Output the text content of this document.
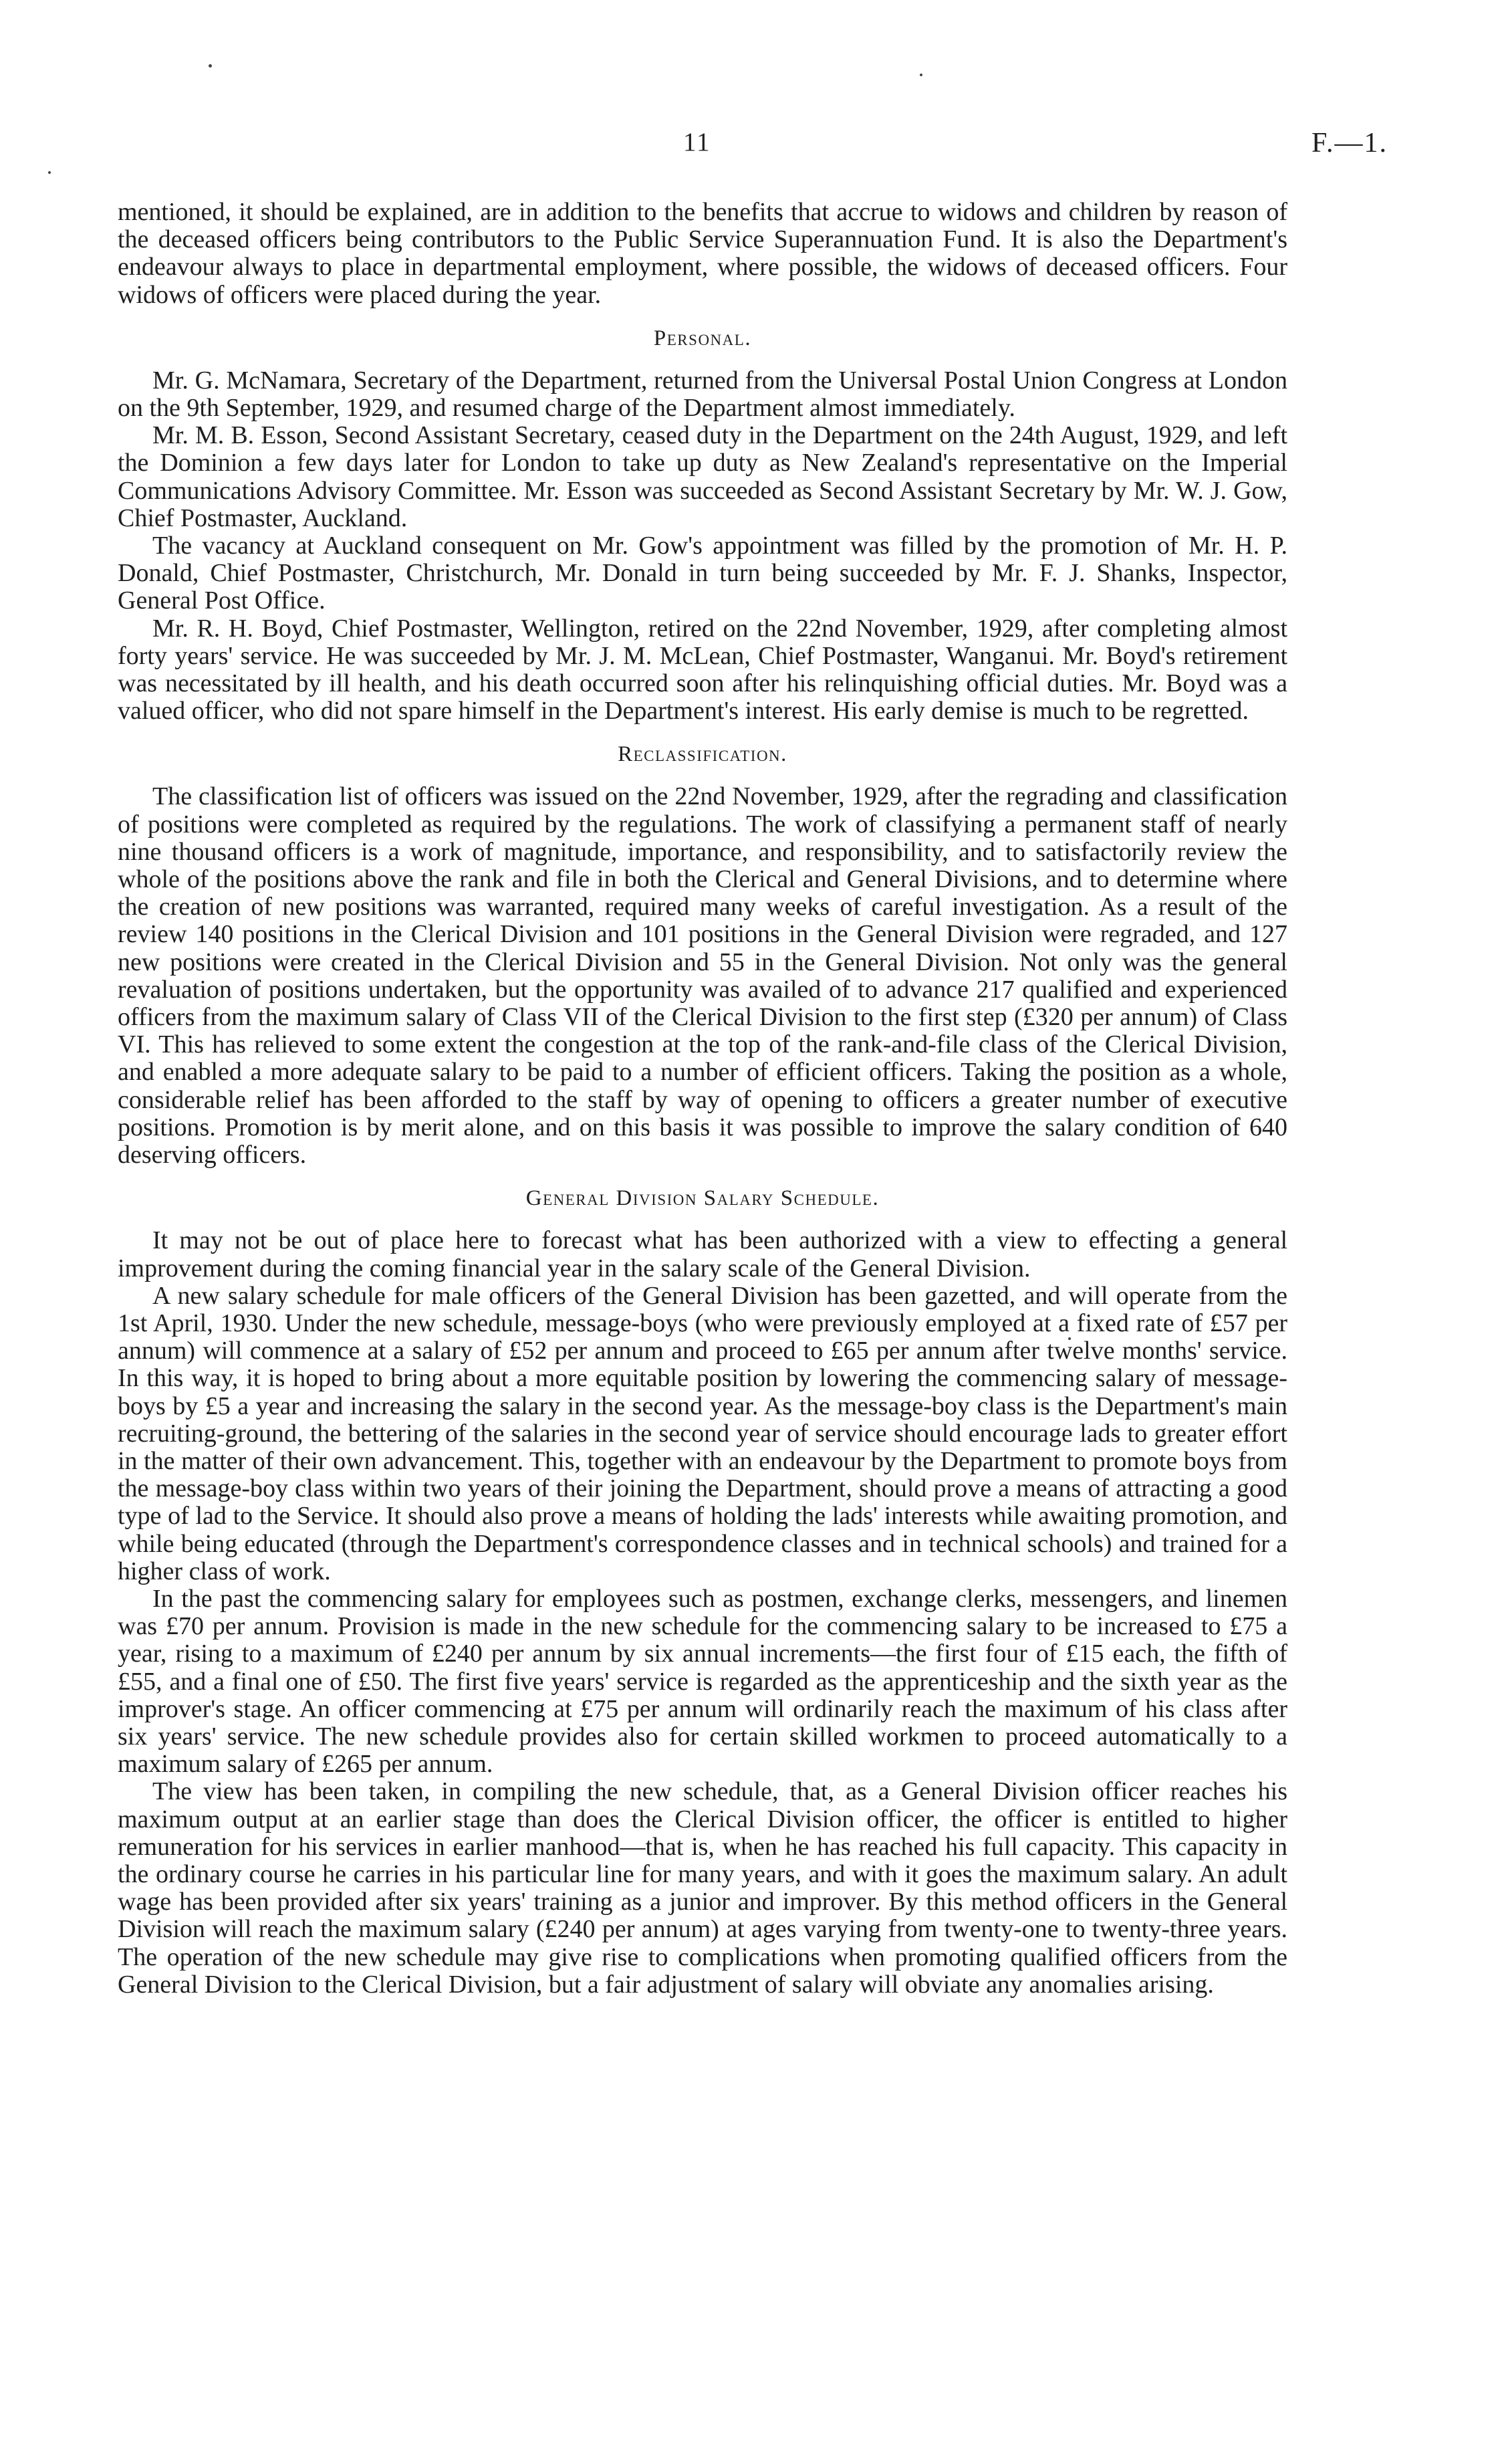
11	F.—1.

mentioned, it should be explained, are in addition to the benefits that accrue to widows and children by reason of the deceased officers being contributors to the Public Service Superannuation Fund. It is also the Department's endeavour always to place in departmental employment, where possible, the widows of deceased officers. Four widows of officers were placed during the year.

Personal.

Mr. G. McNamara, Secretary of the Department, returned from the Universal Postal Union Congress at London on the 9th September, 1929, and resumed charge of the Department almost immediately.

Mr. M. B. Esson, Second Assistant Secretary, ceased duty in the Department on the 24th August, 1929, and left the Dominion a few days later for London to take up duty as New Zealand's representative on the Imperial Communications Advisory Committee. Mr. Esson was succeeded as Second Assistant Secretary by Mr. W. J. Gow, Chief Postmaster, Auckland.

The vacancy at Auckland consequent on Mr. Gow's appointment was filled by the promotion of Mr. H. P. Donald, Chief Postmaster, Christchurch, Mr. Donald in turn being succeeded by Mr. F. J. Shanks, Inspector, General Post Office.

Mr. R. H. Boyd, Chief Postmaster, Wellington, retired on the 22nd November, 1929, after completing almost forty years' service. He was succeeded by Mr. J. M. McLean, Chief Postmaster, Wanganui. Mr. Boyd's retirement was necessitated by ill health, and his death occurred soon after his relinquishing official duties. Mr. Boyd was a valued officer, who did not spare himself in the Department's interest. His early demise is much to be regretted.

Reclassification.

The classification list of officers was issued on the 22nd November, 1929, after the regrading and classification of positions were completed as required by the regulations. The work of classifying a permanent staff of nearly nine thousand officers is a work of magnitude, importance, and responsibility, and to satisfactorily review the whole of the positions above the rank and file in both the Clerical and General Divisions, and to determine where the creation of new positions was warranted, required many weeks of careful investigation. As a result of the review 140 positions in the Clerical Division and 101 positions in the General Division were regraded, and 127 new positions were created in the Clerical Division and 55 in the General Division. Not only was the general revaluation of positions undertaken, but the opportunity was availed of to advance 217 qualified and experienced officers from the maximum salary of Class VII of the Clerical Division to the first step (£320 per annum) of Class VI. This has relieved to some extent the congestion at the top of the rank-and-file class of the Clerical Division, and enabled a more adequate salary to be paid to a number of efficient officers. Taking the position as a whole, considerable relief has been afforded to the staff by way of opening to officers a greater number of executive positions. Promotion is by merit alone, and on this basis it was possible to improve the salary condition of 640 deserving officers.

General Division Salary Schedule.

It may not be out of place here to forecast what has been authorized with a view to effecting a general improvement during the coming financial year in the salary scale of the General Division.

A new salary schedule for male officers of the General Division has been gazetted, and will operate from the 1st April, 1930. Under the new schedule, message-boys (who were previously employed at a fixed rate of £57 per annum) will commence at a salary of £52 per annum and proceed to £65 per annum after twelve months' service. In this way, it is hoped to bring about a more equitable position by lowering the commencing salary of message-boys by £5 a year and increasing the salary in the second year. As the message-boy class is the Department's main recruiting-ground, the bettering of the salaries in the second year of service should encourage lads to greater effort in the matter of their own advancement. This, together with an endeavour by the Department to promote boys from the message-boy class within two years of their joining the Department, should prove a means of attracting a good type of lad to the Service. It should also prove a means of holding the lads' interests while awaiting promotion, and while being educated (through the Department's correspondence classes and in technical schools) and trained for a higher class of work.

In the past the commencing salary for employees such as postmen, exchange clerks, messengers, and linemen was £70 per annum. Provision is made in the new schedule for the commencing salary to be increased to £75 a year, rising to a maximum of £240 per annum by six annual increments—the first four of £15 each, the fifth of £55, and a final one of £50. The first five years' service is regarded as the apprenticeship and the sixth year as the improver's stage. An officer commencing at £75 per annum will ordinarily reach the maximum of his class after six years' service. The new schedule provides also for certain skilled workmen to proceed automatically to a maximum salary of £265 per annum.

The view has been taken, in compiling the new schedule, that, as a General Division officer reaches his maximum output at an earlier stage than does the Clerical Division officer, the officer is entitled to higher remuneration for his services in earlier manhood—that is, when he has reached his full capacity. This capacity in the ordinary course he carries in his particular line for many years, and with it goes the maximum salary. An adult wage has been provided after six years' training as a junior and improver. By this method officers in the General Division will reach the maximum salary (£240 per annum) at ages varying from twenty-one to twenty-three years. The operation of the new schedule may give rise to complications when promoting qualified officers from the General Division to the Clerical Division, but a fair adjustment of salary will obviate any anomalies arising.
